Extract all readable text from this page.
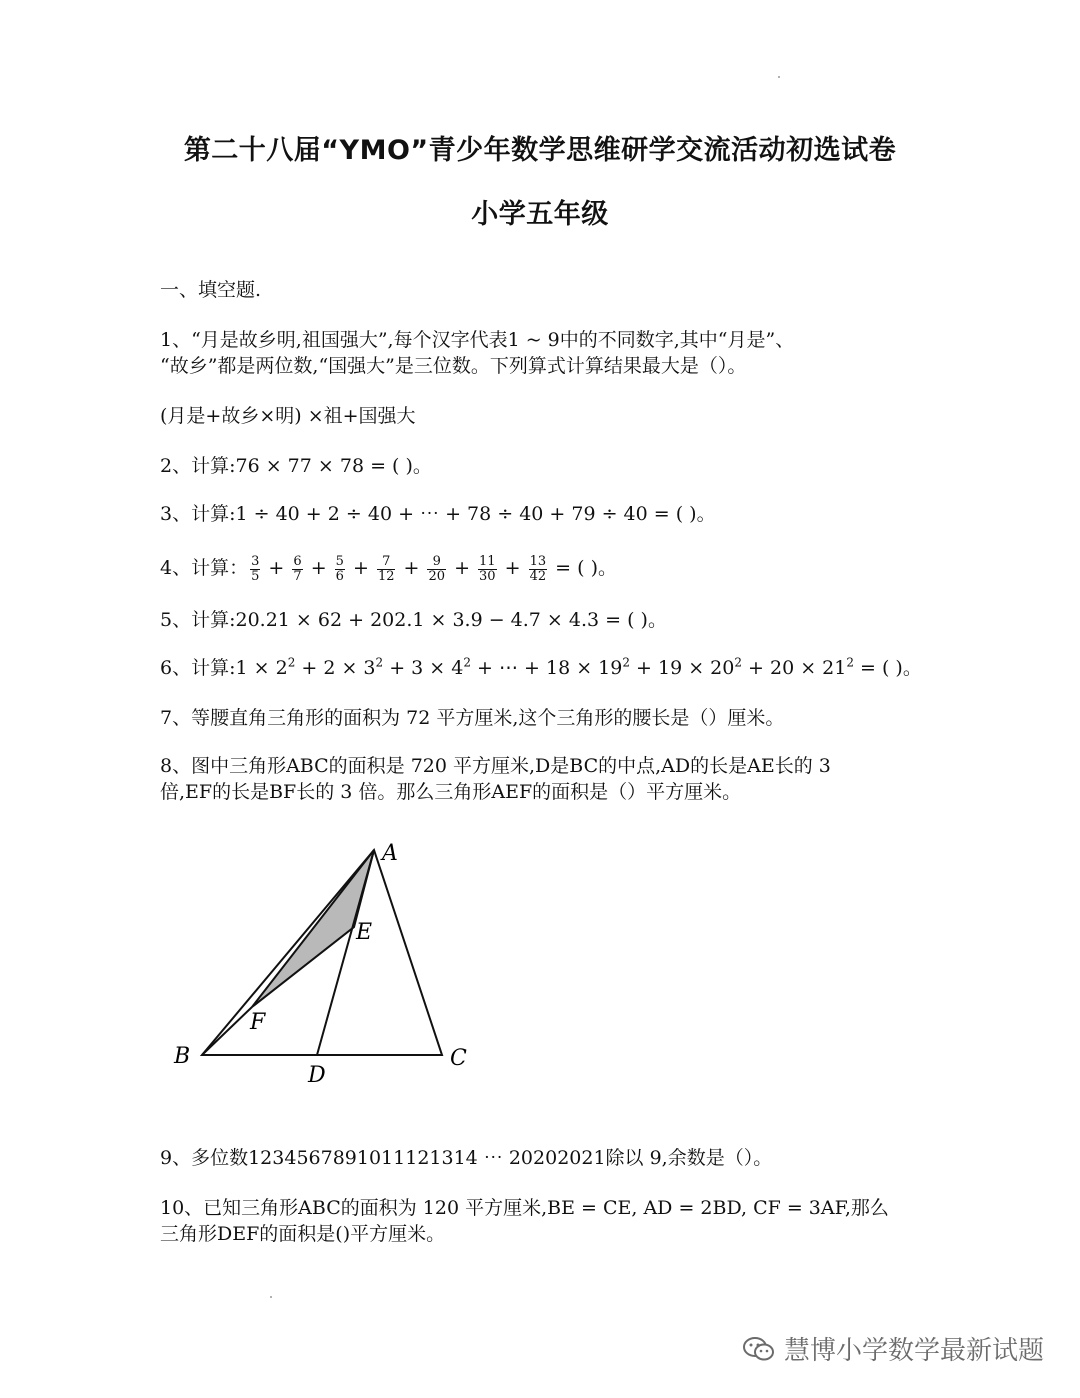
第二十八届“YMO”青少年数学思维研学交流活动初选试卷
小学五年级
一、填空题.
1、“月是故乡明,祖国强大”,每个汉字代表1 ~ 9中的不同数字,其中“月是”、
“故乡”都是两位数,“国强大”是三位数。下列算式计算结果最大是（）。
(月是+故乡×明) ×祖+国强大
2、计算:76 × 77 × 78 = ( )。
3、计算:1 ÷ 40 + 2 ÷ 40 + ⋯ + 78 ÷ 40 + 79 ÷ 40 = ( )。
4、计算： $\frac{3}{5} + \frac{6}{7} + \frac{5}{6} + \frac{7}{12} + \frac{9}{20} + \frac{11}{30} + \frac{13}{42}$ = ( )。
5、计算:20.21 × 62 + 202.1 × 3.9 − 4.7 × 4.3 = ( )。
6、计算:1 × $2^2 + 2 \times 3^2 + 3 \times 4^2$ + ⋯ + $18 \times 19^2 + 19 \times 20^2 + 20 \times 21^2$ = ( )。
7、等腰直角三角形的面积为 72 平方厘米,这个三角形的腰长是（）厘米。
8、图中三角形ABC的面积是 720 平方厘米,D是BC的中点,AD的长是AE长的 3
倍,EF的长是BF长的 3 倍。那么三角形AEF的面积是（）平方厘米。
A
E
F
B	C
D
9、多位数1234567891011121314 ⋯ 20202021除以 9,余数是（）。
10、已知三角形ABC的面积为 120 平方厘米,BE = CE, AD = 2BD, CF = 3AF,那么
三角形DEF的面积是()平方厘米。
慧博小学数学最新试题
